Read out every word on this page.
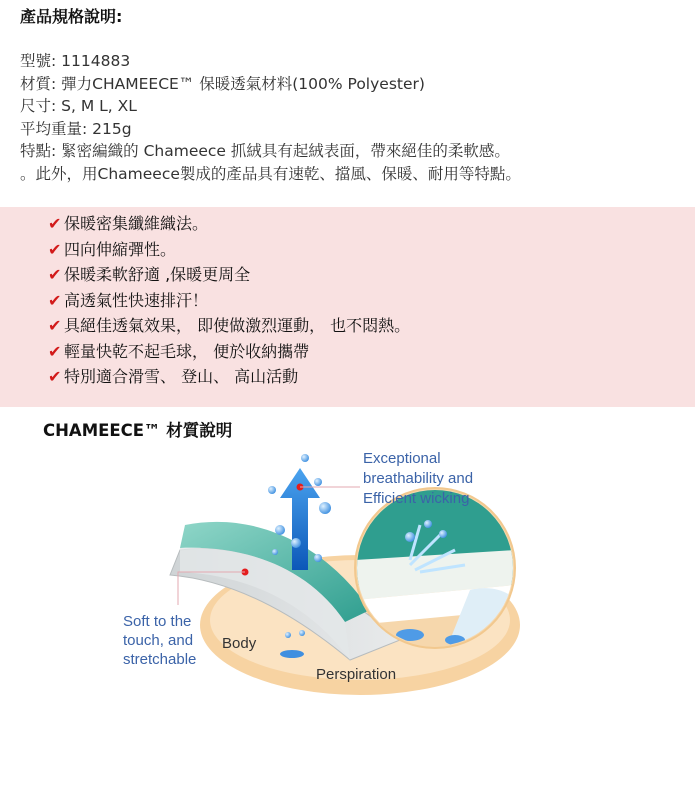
產品規格說明:
型號: 1114883
材質: 彈力CHAMEECE™ 保暖透氣材料(100% Polyester)
尺寸: S, M L, XL
平均重量: 215g
特點: 緊密編織的 Chameece 抓絨具有起絨表面，帶來絕佳的柔軟感。
。此外，用Chameece製成的產品具有速乾、擋風、保暖、耐用等特點。
✔ 保暖密集纖維織法。
✔ 四向伸縮彈性。
✔ 保暖柔軟舒適 ,保暖更周全
✔ 高透氣性快速排汗！
✔ 具絕佳透氣效果， 即使做激烈運動， 也不悶熱。
✔ 輕量快乾不起毛球， 便於收納攜帶
✔ 特別適合滑雪、 登山、 高山活動
CHAMEECE™ 材質說明
Exceptional
breathability and
Efficient wicking
Soft to the
touch, and
stretchable
Body
Perspiration
